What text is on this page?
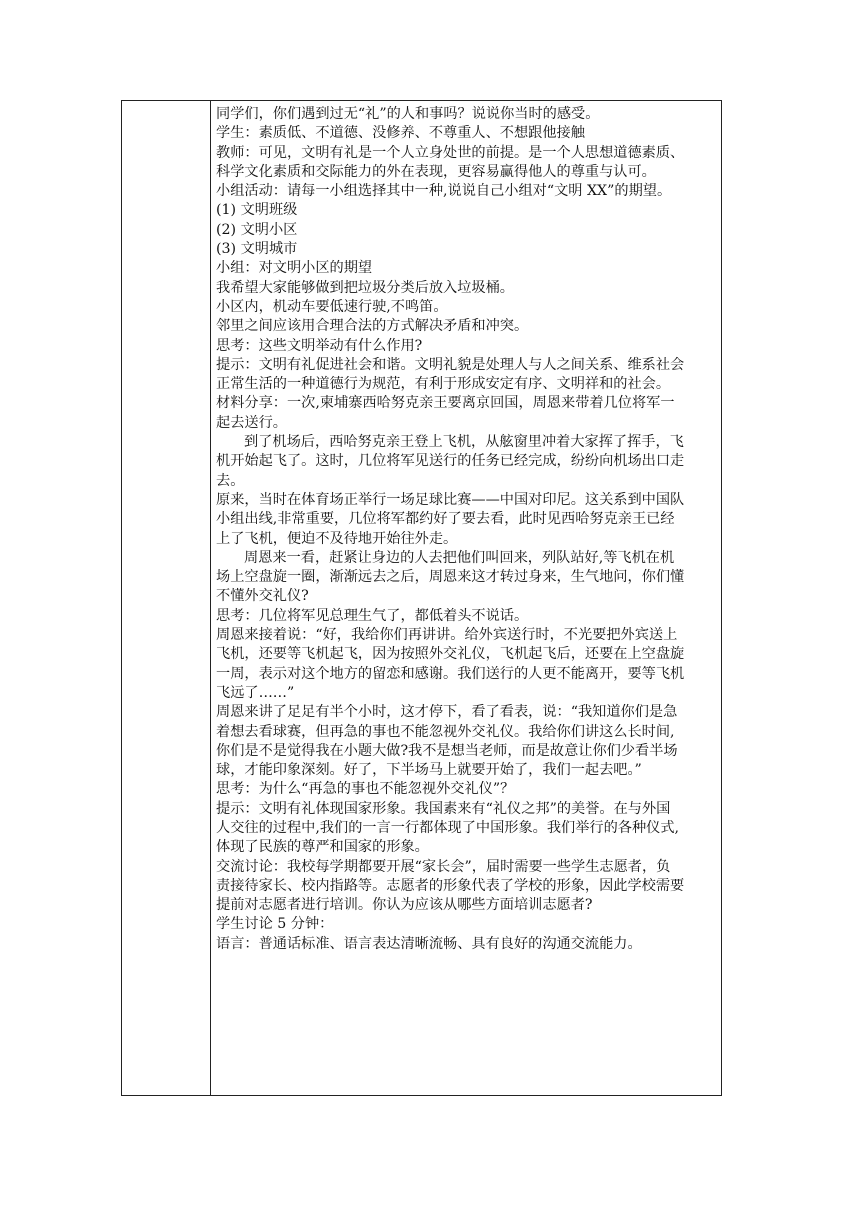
同学们，你们遇到过无“礼”的人和事吗？说说你当时的感受。
学生：素质低、不道德、没修养、不尊重人、不想跟他接触
教师：可见，文明有礼是一个人立身处世的前提。是一个人思想道德素质、
科学文化素质和交际能力的外在表现，更容易赢得他人的尊重与认可。
小组活动：请每一小组选择其中一种,说说自己小组对“文明 XX”的期望。
(1) 文明班级
(2) 文明小区
(3) 文明城市
小组：对文明小区的期望
我希望大家能够做到把垃圾分类后放入垃圾桶。
小区内，机动车要低速行驶,不鸣笛。
邻里之间应该用合理合法的方式解决矛盾和冲突。
思考：这些文明举动有什么作用?
提示：文明有礼促进社会和谐。文明礼貌是处理人与人之间关系、维系社会
正常生活的一种道德行为规范，有利于形成安定有序、文明祥和的社会。
材料分享：一次,柬埔寨西哈努克亲王要离京回国，周恩来带着几位将军一
起去送行。
到了机场后，西哈努克亲王登上飞机，从舷窗里冲着大家挥了挥手，飞
机开始起飞了。这时，几位将军见送行的任务已经完成，纷纷向机场出口走
去。
原来，当时在体育场正举行一场足球比赛——中国对印尼。这关系到中国队
小组出线,非常重要，几位将军都约好了要去看，此时见西哈努克亲王已经
上了飞机，便迫不及待地开始往外走。
周恩来一看，赶紧让身边的人去把他们叫回来，列队站好,等飞机在机
场上空盘旋一圈，渐渐远去之后，周恩来这才转过身来，生气地问，你们懂
不懂外交礼仪?
思考：几位将军见总理生气了，都低着头不说话。
周恩来接着说：“好，我给你们再讲讲。给外宾送行时，不光要把外宾送上
飞机，还要等飞机起飞，因为按照外交礼仪，飞机起飞后，还要在上空盘旋
一周，表示对这个地方的留恋和感谢。我们送行的人更不能离开，要等飞机
飞远了……”
周恩来讲了足足有半个小时，这才停下，看了看表，说：“我知道你们是急
着想去看球赛，但再急的事也不能忽视外交礼仪。我给你们讲这么长时间,
你们是不是觉得我在小题大做?我不是想当老师，而是故意让你们少看半场
球，才能印象深刻。好了，下半场马上就要开始了，我们一起去吧。”
思考：为什么“再急的事也不能忽视外交礼仪”？
提示：文明有礼体现国家形象。我国素来有“礼仪之邦”的美誉。在与外国
人交往的过程中,我们的一言一行都体现了中国形象。我们举行的各种仪式,
体现了民族的尊严和国家的形象。
交流讨论：我校每学期都要开展“家长会”，届时需要一些学生志愿者，负
责接待家长、校内指路等。志愿者的形象代表了学校的形象，因此学校需要
提前对志愿者进行培训。你认为应该从哪些方面培训志愿者?
学生讨论 5 分钟：
语言：普通话标准、语言表达清晰流畅、具有良好的沟通交流能力。
